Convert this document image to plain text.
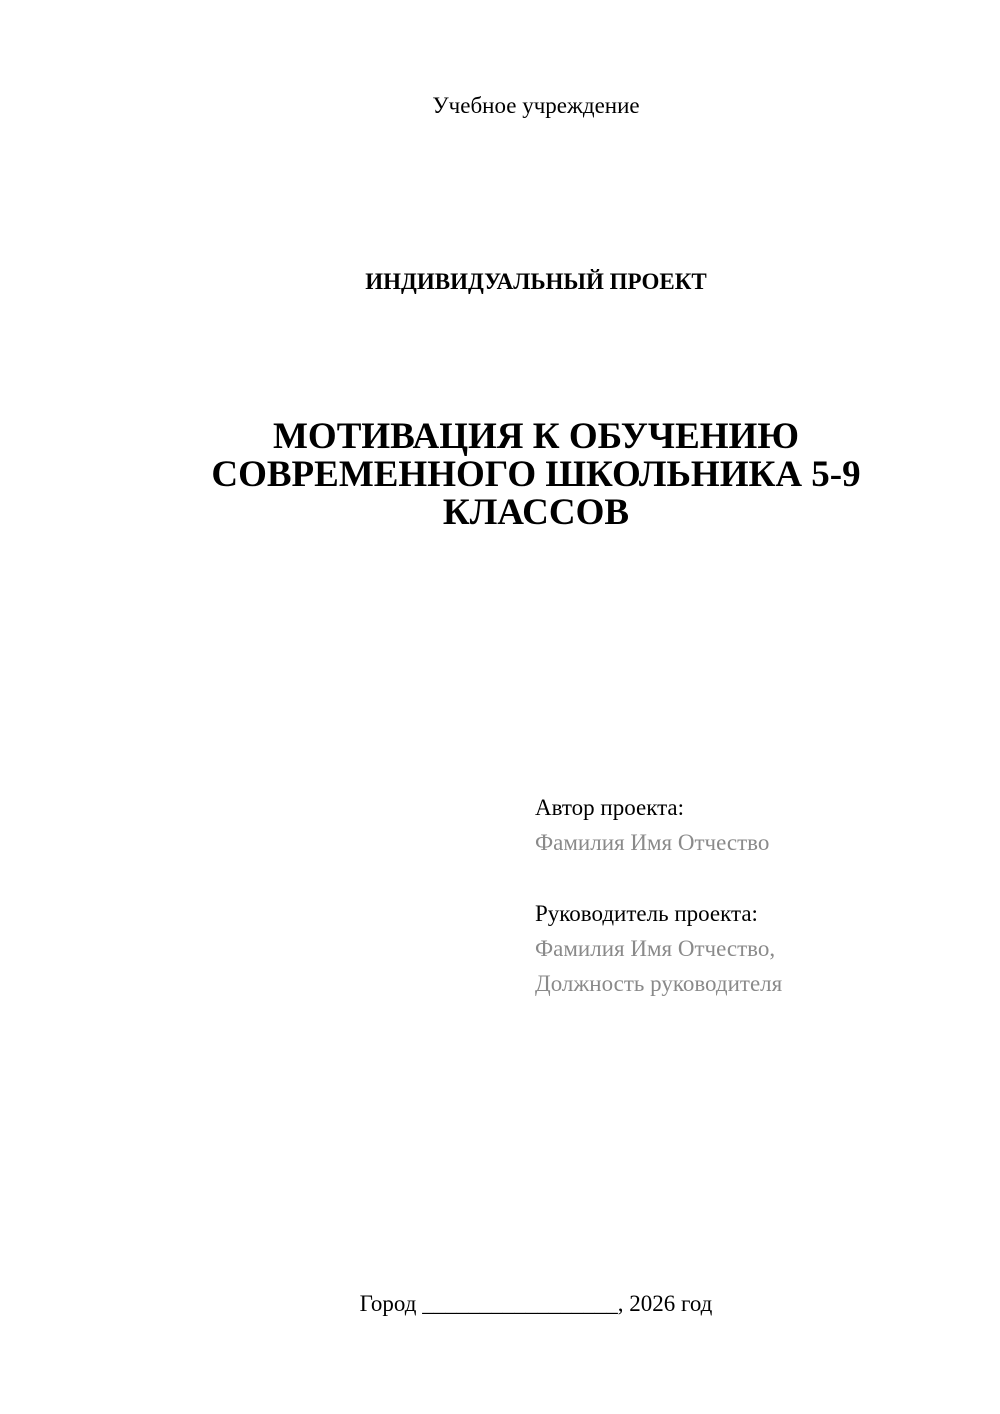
Учебное учреждение
ИНДИВИДУАЛЬНЫЙ ПРОЕКТ
МОТИВАЦИЯ К ОБУЧЕНИЮ
СОВРЕМЕННОГО ШКОЛЬНИКА 5-9
КЛАССОВ
Автор проекта:
Фамилия Имя Отчество
Руководитель проекта:
Фамилия Имя Отчество,
Должность руководителя
Город _________________, 2026 год
